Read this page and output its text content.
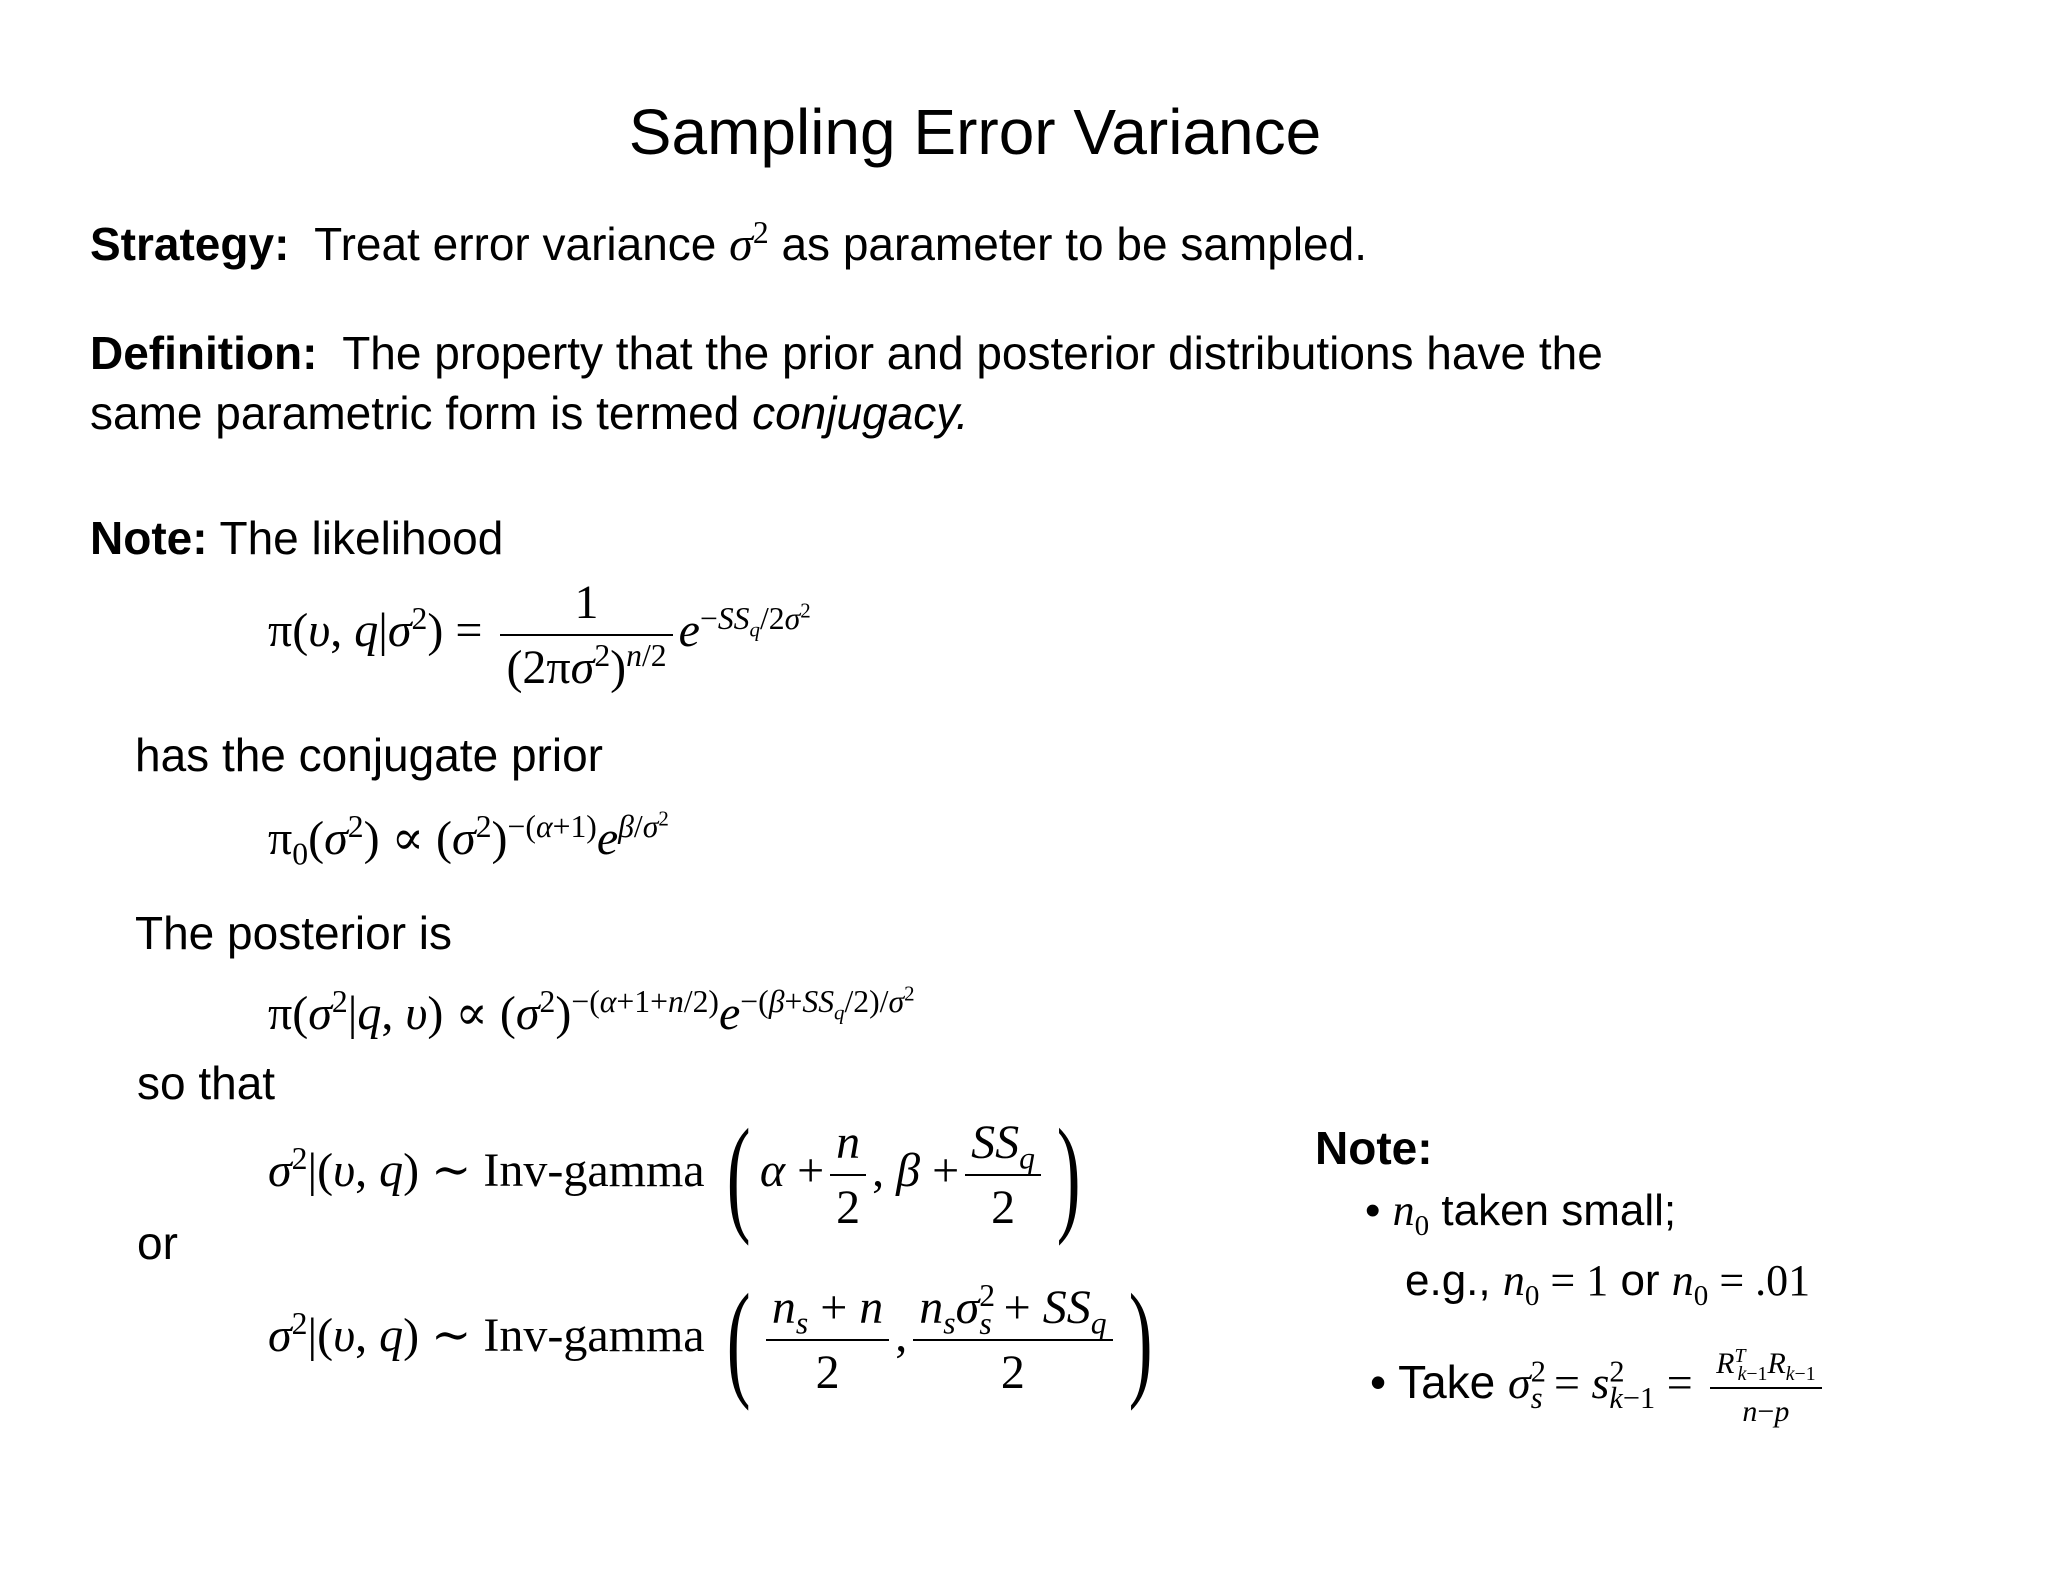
Sampling Error Variance
Strategy: Treat error variance $\sigma^2$ as parameter to be sampled.
Definition: The property that the prior and posterior distributions have the
same parametric form is termed conjugacy.
Note: The likelihood
π(υ, $q|\sigma^2) = \frac{1}{(2\pi\sigma^2)^{n/2}} e^{-SS_q/2\sigma^2}$
has the conjugate prior
$\pi_0(\sigma^2) \propto (\sigma^2)^{-(\alpha+1)}e^{\beta/\sigma^2}$
The posterior is
$\pi(\sigma^2|q$, $\upsilon) \propto (\sigma^2)^{-(\alpha+1+n/2)}e^{-(\beta+SS_q/2)/\sigma^2}$
so that
$\sigma^2|(\upsilon$, q) ∼ Inv-gamma ( $\alpha + \frac{n}{2}$ , $\beta + \frac{SS_q}{2}$ )
or
$\sigma^2|(\upsilon$, q) ∼ Inv-gamma ( $\frac{n_s + n}{2}$ , $\frac{n_s\sigma^2_s + SS_q}{2}$ )
Note:
• $n_0$ taken small;
e.g., $n_0 = 1$ or $n_0 = .01$
• Take $\sigma^2_s = s^2_{k-1} = \frac{R^T_{k-1}R_{k-1}}{n-p}$
